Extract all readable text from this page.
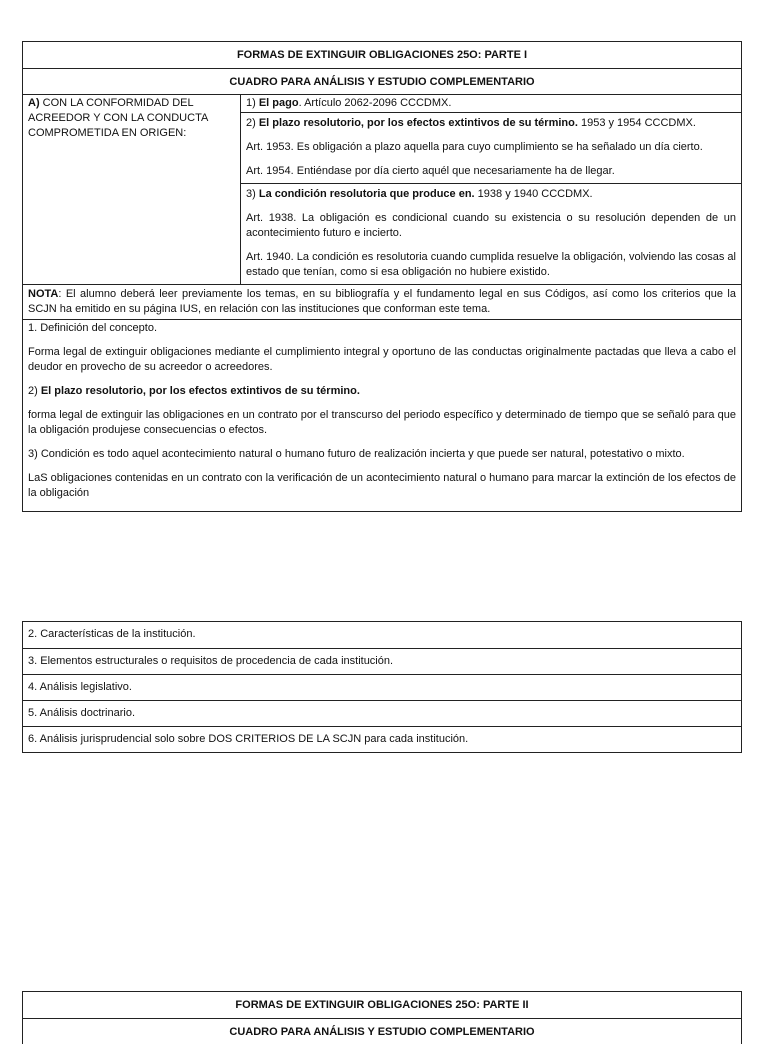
FORMAS DE EXTINGUIR OBLIGACIONES 25O: PARTE I
CUADRO PARA ANÁLISIS Y ESTUDIO COMPLEMENTARIO
A) CON LA CONFORMIDAD DEL ACREEDOR Y CON LA CONDUCTA COMPROMETIDA EN ORIGEN:

1) El pago. Artículo 2062-2096 CCCDMX.

2) El plazo resolutorio, por los efectos extintivos de su término. 1953 y 1954 CCCDMX.

Art. 1953. Es obligación a plazo aquella para cuyo cumplimiento se ha señalado un día cierto.

Art. 1954. Entiéndase por día cierto aquél que necesariamente ha de llegar.

3) La condición resolutoria que produce en. 1938 y 1940 CCCDMX.

Art. 1938. La obligación es condicional cuando su existencia o su resolución dependen de un acontecimiento futuro e incierto.

Art. 1940. La condición es resolutoria cuando cumplida resuelve la obligación, volviendo las cosas al estado que tenían, como si esa obligación no hubiere existido.

NOTA: El alumno deberá leer previamente los temas, en su bibliografía y el fundamento legal en sus Códigos, así como los criterios que la SCJN ha emitido en su página IUS, en relación con las instituciones que conforman este tema.

1. Definición del concepto.

Forma legal de extinguir obligaciones mediante el cumplimiento integral y oportuno de las conductas originalmente pactadas que lleva a cabo el deudor en provecho de su acreedor o acreedores.

2) El plazo resolutorio, por los efectos extintivos de su término.

forma legal de extinguir las obligaciones en un contrato por el transcurso del periodo específico y determinado de tiempo que se señaló para que la obligación produjese consecuencias o efectos.

3) Condición es todo aquel acontecimiento natural o humano futuro de realización incierta y que puede ser natural, potestativo o mixto.

LaS obligaciones contenidas en un contrato con la verificación de un acontecimiento natural o humano para marcar la extinción de los efectos de la obligación

2. Características de la institución.
3. Elementos estructurales o requisitos de procedencia de cada institución.
4. Análisis legislativo.
5. Análisis doctrinario.
6. Análisis jurisprudencial solo sobre DOS CRITERIOS DE LA SCJN para cada institución.
FORMAS DE EXTINGUIR OBLIGACIONES 25O: PARTE II
CUADRO PARA ANÁLISIS Y ESTUDIO COMPLEMENTARIO
